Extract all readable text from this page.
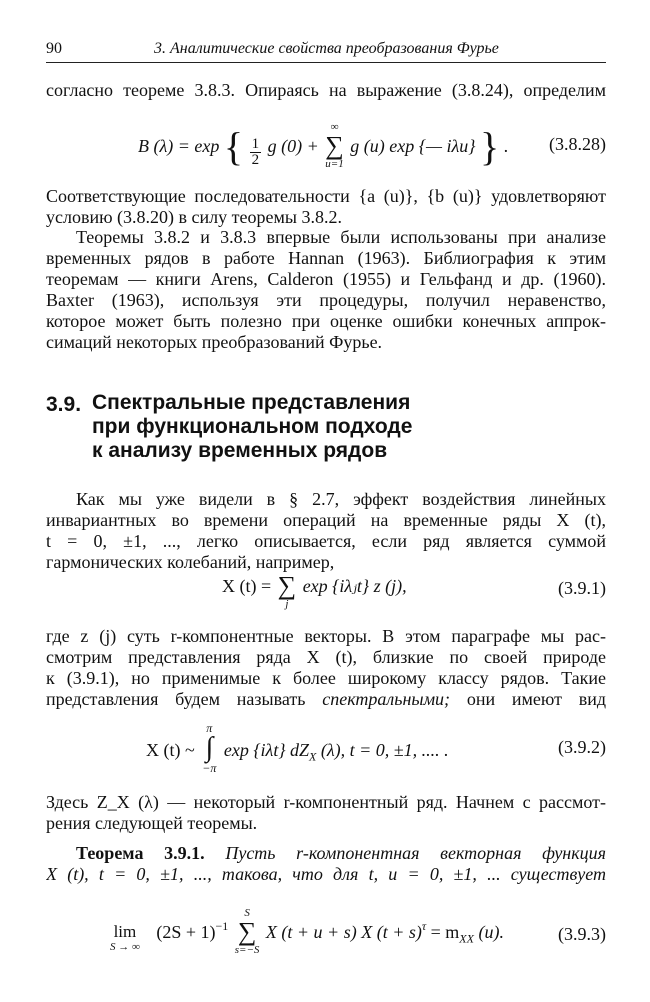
90	3. Аналитические свойства преобразования Фурье
согласно теореме 3.8.3. Опираясь на выражение (3.8.24), определим
B (λ) = exp { $\frac{1}{2}$ g (0) +
∞
∑
u=1
g (u) exp {— iλu} } .	(3.8.28)
Соответствующие последовательности {a (u)}, {b (u)} удовлетворяют
условию (3.8.20) в силу теоремы 3.8.2.
Теоремы 3.8.2 и 3.8.3 впервые были использованы при анализе
временных рядов в работе Hannan (1963). Библиография к этим
теоремам — книги Arens, Calderon (1955) и Гельфанд и др. (1960).
Baxter (1963), используя эти процедуры, получил неравенство,
которое может быть полезно при оценке ошибки конечных аппрок-
симаций некоторых преобразований Фурье.
3.9. Спектральные представления
при функциональном подходе
к анализу временных рядов
Как мы уже видели в § 2.7, эффект воздействия линейных
инвариантных во времени операций на временные ряды X (t),
t = 0, ±1, ..., легко описывается, если ряд является суммой
гармонических колебаний, например,
X (t) = ∑
j
exp {iλⱼt} z (j),	(3.9.1)
где z (j) суть r-компонентные векторы. В этом параграфе мы рас-
смотрим представления ряда X (t), близкие по своей природе
к (3.9.1), но применимые к более широкому классу рядов. Такие
представления будем называть спектральными; они имеют вид
X (t) ~
π
∫
−π
exp {iλt} $dZ_X$ (λ), t = 0, ±1, .... .	(3.9.2)
Здесь Z_X (λ) — некоторый r-компонентный ряд. Начнем с рассмот-
рения следующей теоремы.
Теорема 3.9.1. Пусть r-компонентная векторная функция
X (t), t = 0, ±1, ..., такова, что для t, u = 0, ±1, ... существует
lim
S → ∞
$(2S + 1)^{-1}$
S
∑
s=−S
X (t + u + s) X $(t + s)^\tau = m_{XX}$ (u).	(3.9.3)
